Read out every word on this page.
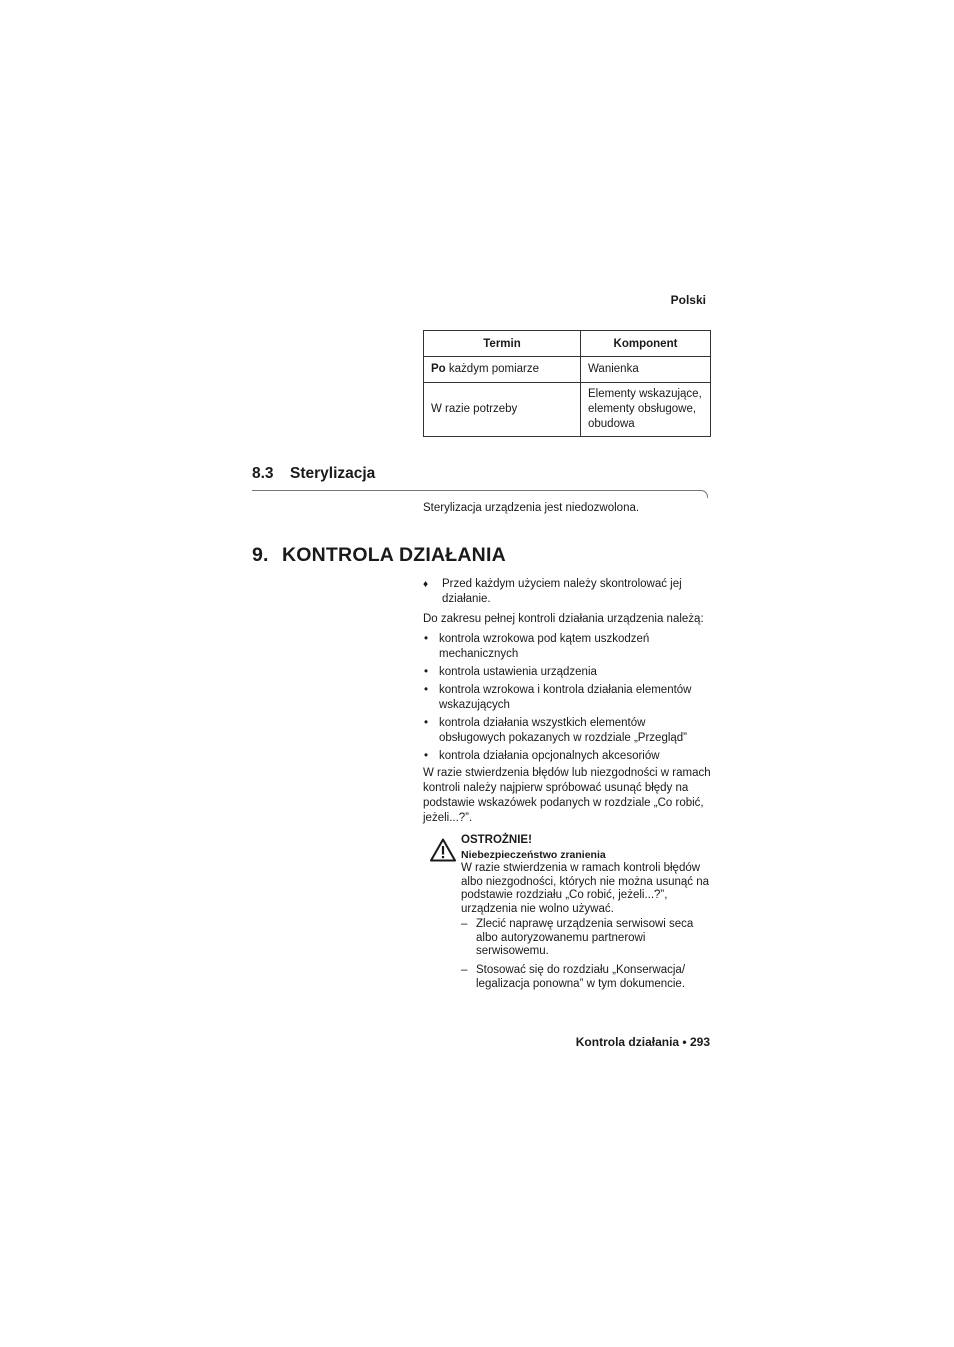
Polski
Termin	Komponent
Po każdym pomiarze	Wanienka
W razie potrzeby	Elementy wskazujące, elementy obsługowe, obudowa
8.3 Sterylizacja
Sterylizacja urządzenia jest niedozwolona.
9. KONTROLA DZIAŁANIA
♦ Przed każdym użyciem należy skontrolować jej działanie.
Do zakresu pełnej kontroli działania urządzenia należą:
• kontrola wzrokowa pod kątem uszkodzeń mechanicznych
• kontrola ustawienia urządzenia
• kontrola wzrokowa i kontrola działania elementów wskazujących
• kontrola działania wszystkich elementów obsługowych pokazanych w rozdziale „Przegląd”
• kontrola działania opcjonalnych akcesoriów
W razie stwierdzenia błędów lub niezgodności w ramach kontroli należy najpierw spróbować usunąć błędy na podstawie wskazówek podanych w rozdziale „Co robić, jeżeli...?”.
OSTROŻNIE!
Niebezpieczeństwo zranienia
W razie stwierdzenia w ramach kontroli błędów albo niezgodności, których nie można usunąć na podstawie rozdziału „Co robić, jeżeli...?”, urządzenia nie wolno używać.
– Zlecić naprawę urządzenia serwisowi seca albo autoryzowanemu partnerowi serwisowemu.
– Stosować się do rozdziału „Konserwacja/ legalizacja ponowna” w tym dokumencie.
Kontrola działania • 293
